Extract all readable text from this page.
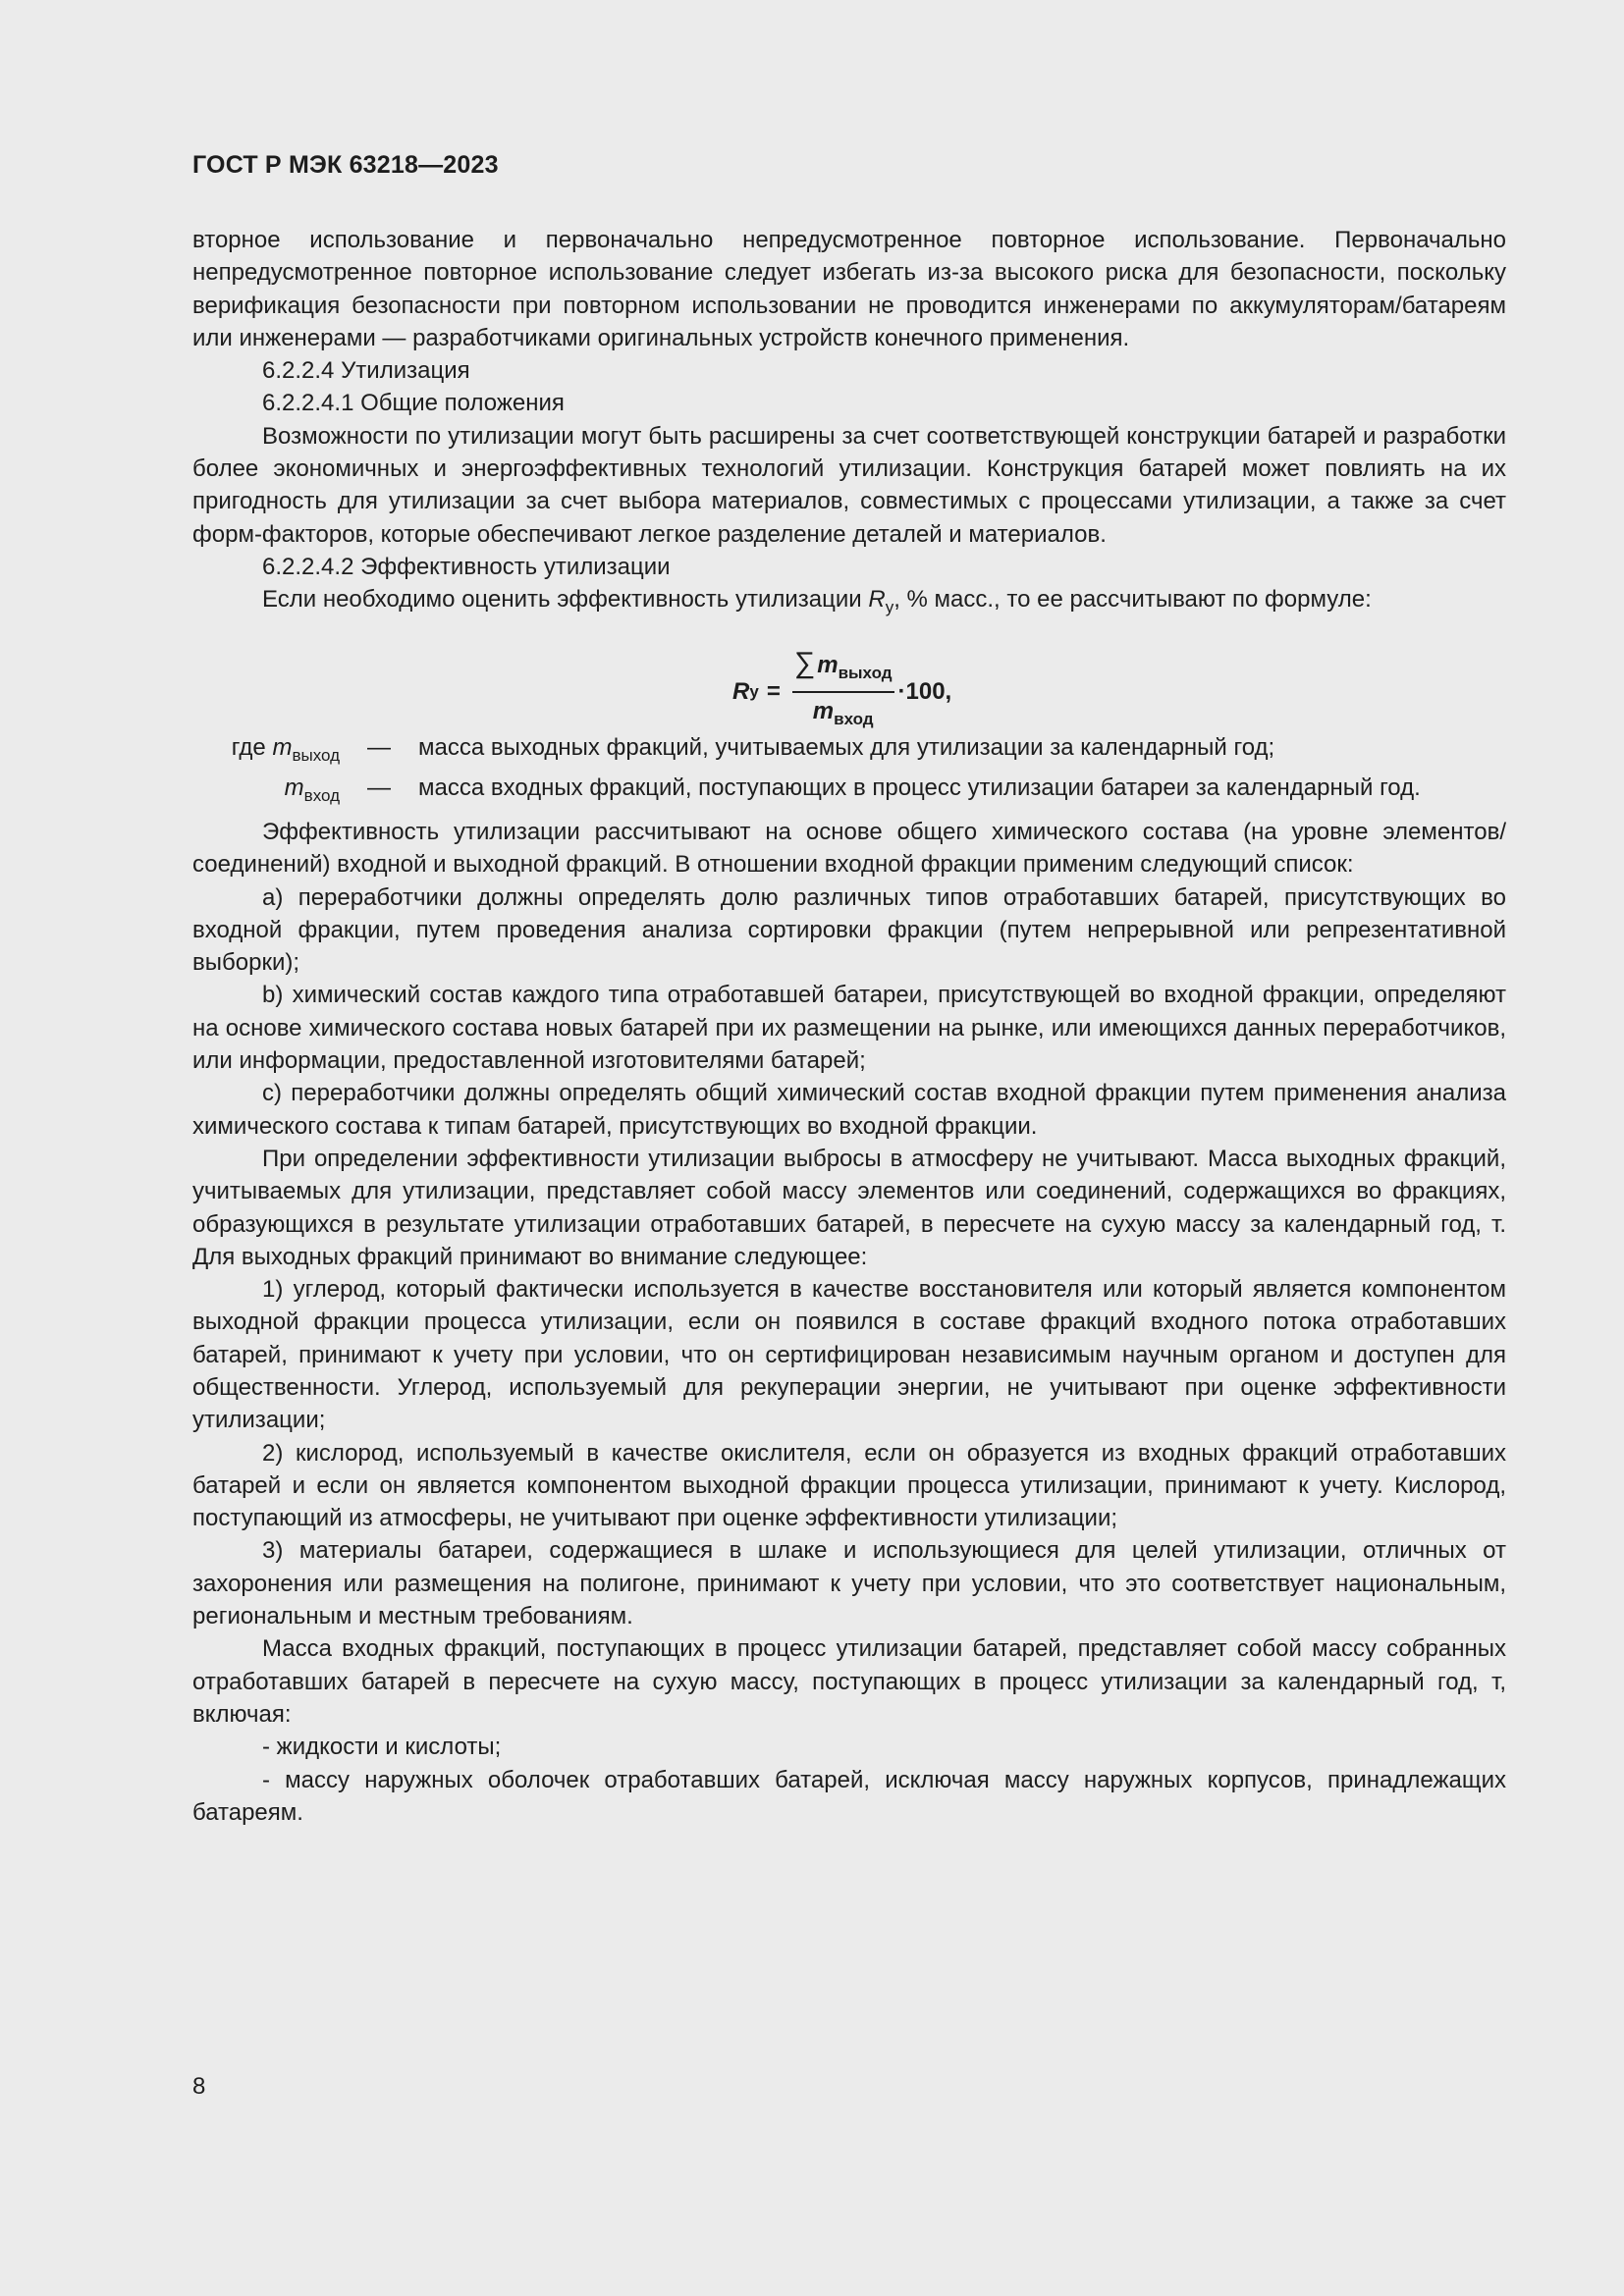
ГОСТ Р МЭК 63218—2023

вторное использование и первоначально непредусмотренное повторное использование. Первоначально непредусмотренное повторное использование следует избегать из-за высокого риска для безопасности, поскольку верификация безопасности при повторном использовании не проводится инженерами по аккумуляторам/батареям или инженерами — разработчиками оригинальных устройств конечного применения.

6.2.2.4 Утилизация

6.2.2.4.1 Общие положения

Возможности по утилизации могут быть расширены за счет соответствующей конструкции батарей и разработки более экономичных и энергоэффективных технологий утилизации. Конструкция батарей может повлиять на их пригодность для утилизации за счет выбора материалов, совместимых с процессами утилизации, а также за счет форм-факторов, которые обеспечивают легкое разделение деталей и материалов.

6.2.2.4.2 Эффективность утилизации

Если необходимо оценить эффективность утилизации $R_у$, % масс., то ее рассчитывают по формуле:

R $у = \frac{\sum m_{выход}}{m_{вход}} \cdot 100$,
где $m_{выход}$	—	масса выходных фракций, учитываемых для утилизации за календарный год;
$m_{вход}$	—	масса входных фракций, поступающих в процесс утилизации батареи за календарный год.

Эффективность утилизации рассчитывают на основе общего химического состава (на уровне элементов/соединений) входной и выходной фракций. В отношении входной фракции применим следующий список:

a) переработчики должны определять долю различных типов отработавших батарей, присутствующих во входной фракции, путем проведения анализа сортировки фракции (путем непрерывной или репрезентативной выборки);

b) химический состав каждого типа отработавшей батареи, присутствующей во входной фракции, определяют на основе химического состава новых батарей при их размещении на рынке, или имеющихся данных переработчиков, или информации, предоставленной изготовителями батарей;

c) переработчики должны определять общий химический состав входной фракции путем применения анализа химического состава к типам батарей, присутствующих во входной фракции.

При определении эффективности утилизации выбросы в атмосферу не учитывают. Масса выходных фракций, учитываемых для утилизации, представляет собой массу элементов или соединений, содержащихся во фракциях, образующихся в результате утилизации отработавших батарей, в пересчете на сухую массу за календарный год, т. Для выходных фракций принимают во внимание следующее:

1) углерод, который фактически используется в качестве восстановителя или который является компонентом выходной фракции процесса утилизации, если он появился в составе фракций входного потока отработавших батарей, принимают к учету при условии, что он сертифицирован независимым научным органом и доступен для общественности. Углерод, используемый для рекуперации энергии, не учитывают при оценке эффективности утилизации;

2) кислород, используемый в качестве окислителя, если он образуется из входных фракций отработавших батарей и если он является компонентом выходной фракции процесса утилизации, принимают к учету. Кислород, поступающий из атмосферы, не учитывают при оценке эффективности утилизации;

3) материалы батареи, содержащиеся в шлаке и использующиеся для целей утилизации, отличных от захоронения или размещения на полигоне, принимают к учету при условии, что это соответствует национальным, региональным и местным требованиям.

Масса входных фракций, поступающих в процесс утилизации батарей, представляет собой массу собранных отработавших батарей в пересчете на сухую массу, поступающих в процесс утилизации за календарный год, т, включая:

- жидкости и кислоты;

- массу наружных оболочек отработавших батарей, исключая массу наружных корпусов, принадлежащих батареям.

8
